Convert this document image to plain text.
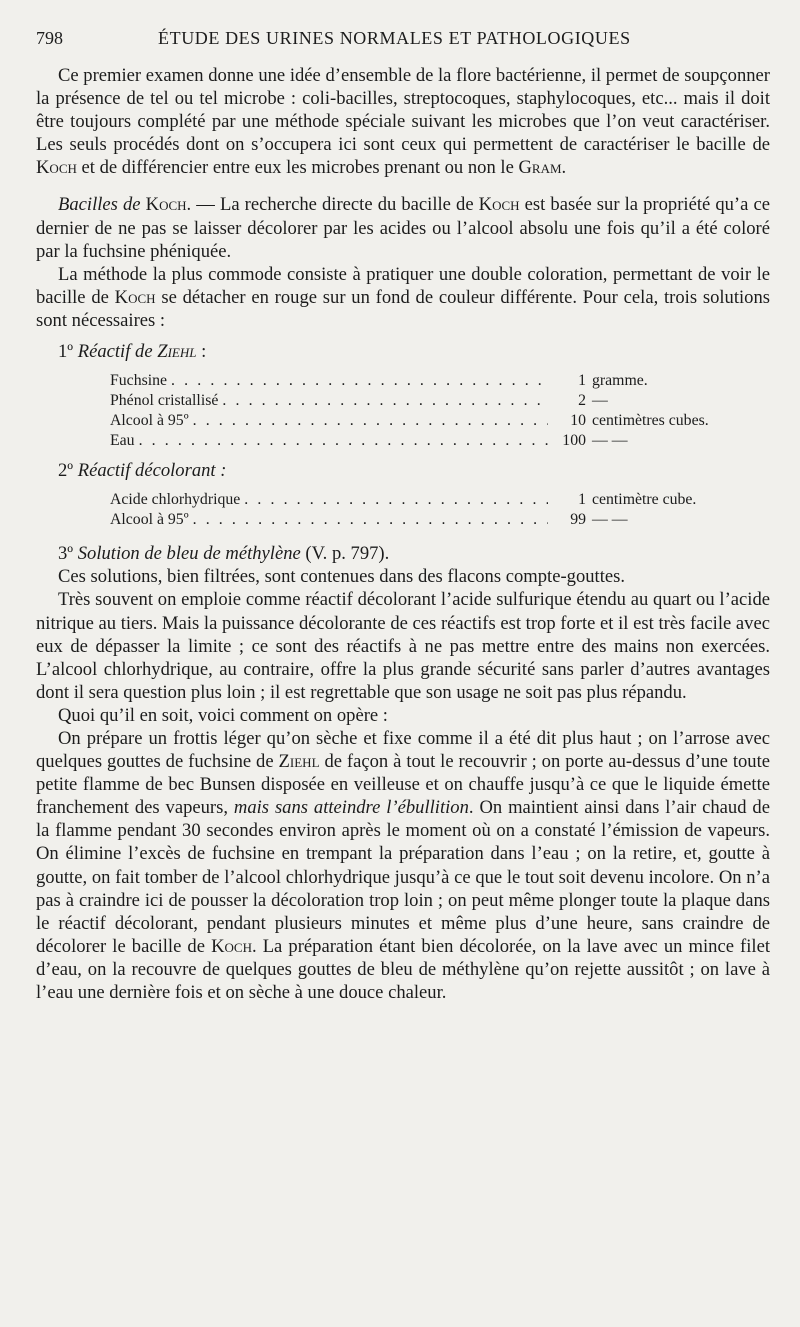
798	ÉTUDE DES URINES NORMALES ET PATHOLOGIQUES

Ce premier examen donne une idée d’ensemble de la flore bactérienne, il permet de soupçonner la présence de tel ou tel microbe : coli-bacilles, streptocoques, staphylocoques, etc... mais il doit être toujours complété par une méthode spéciale suivant les microbes que l’on veut caractériser. Les seuls procédés dont on s’occupera ici sont ceux qui permettent de caractériser le bacille de Koch et de différencier entre eux les microbes prenant ou non le Gram.

Bacilles de Koch. — La recherche directe du bacille de Koch est basée sur la propriété qu’a ce dernier de ne pas se laisser décolorer par les acides ou l’alcool absolu une fois qu’il a été coloré par la fuchsine phéniquée.

La méthode la plus commode consiste à pratiquer une double coloration, permettant de voir le bacille de Koch se détacher en rouge sur un fond de couleur différente. Pour cela, trois solutions sont nécessaires :

1º Réactif de Ziehl :

Fuchsine . . .	1 gramme.
Phénol cristallisé . . .	2 —
Alcool à 95º . . .	10 centimètres cubes.
Eau . . .	100 — —

2º Réactif décolorant :

Acide chlorhydrique . . .	1 centimètre cube.
Alcool à 95º . . .	99 — —

3º Solution de bleu de méthylène (V. p. 797).

Ces solutions, bien filtrées, sont contenues dans des flacons compte-gouttes.

Très souvent on emploie comme réactif décolorant l’acide sulfurique étendu au quart ou l’acide nitrique au tiers. Mais la puissance décolorante de ces réactifs est trop forte et il est très facile avec eux de dépasser la limite ; ce sont des réactifs à ne pas mettre entre des mains non exercées. L’alcool chlorhydrique, au contraire, offre la plus grande sécurité sans parler d’autres avantages dont il sera question plus loin ; il est regrettable que son usage ne soit pas plus répandu.

Quoi qu’il en soit, voici comment on opère :

On prépare un frottis léger qu’on sèche et fixe comme il a été dit plus haut ; on l’arrose avec quelques gouttes de fuchsine de Ziehl de façon à tout le recouvrir ; on porte au-dessus d’une toute petite flamme de bec Bunsen disposée en veilleuse et on chauffe jusqu’à ce que le liquide émette franchement des vapeurs, mais sans atteindre l’ébullition. On maintient ainsi dans l’air chaud de la flamme pendant 30 secondes environ après le moment où on a constaté l’émission de vapeurs. On élimine l’excès de fuchsine en trempant la préparation dans l’eau ; on la retire, et, goutte à goutte, on fait tomber de l’alcool chlorhydrique jusqu’à ce que le tout soit devenu incolore. On n’a pas à craindre ici de pousser la décoloration trop loin ; on peut même plonger toute la plaque dans le réactif décolorant, pendant plusieurs minutes et même plus d’une heure, sans craindre de décolorer le bacille de Koch. La préparation étant bien décolorée, on la lave avec un mince filet d’eau, on la recouvre de quelques gouttes de bleu de méthylène qu’on rejette aussitôt ; on lave à l’eau une dernière fois et on sèche à une douce chaleur.
